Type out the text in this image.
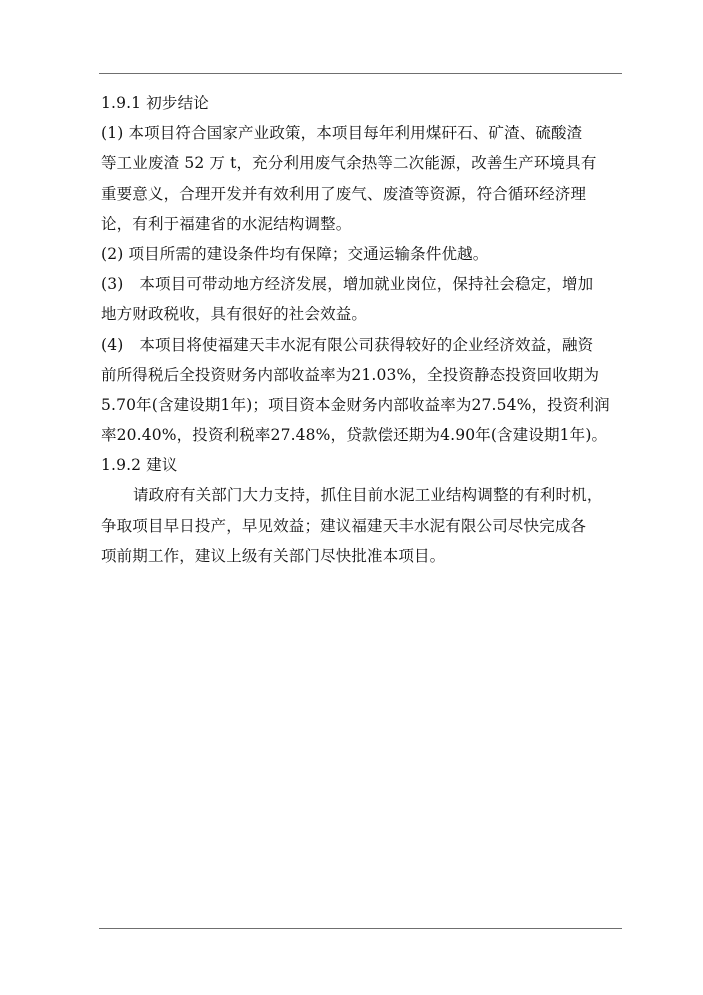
1.9.1 初步结论
(1) 本项目符合国家产业政策，本项目每年利用煤矸石、矿渣、硫酸渣
等工业废渣 52 万 t，充分利用废气余热等二次能源，改善生产环境具有
重要意义，合理开发并有效利用了废气、废渣等资源，符合循环经济理
论，有利于福建省的水泥结构调整。
(2) 项目所需的建设条件均有保障；交通运输条件优越。
(3) 本项目可带动地方经济发展，增加就业岗位，保持社会稳定，增加
地方财政税收，具有很好的社会效益。
(4) 本项目将使福建天丰水泥有限公司获得较好的企业经济效益，融资
前所得税后全投资财务内部收益率为21.03%，全投资静态投资回收期为
5.70年(含建设期1年)；项目资本金财务内部收益率为27.54%，投资利润
率20.40%，投资利税率27.48%，贷款偿还期为4.90年(含建设期1年)。
1.9.2 建议
请政府有关部门大力支持，抓住目前水泥工业结构调整的有利时机，
争取项目早日投产，早见效益；建议福建天丰水泥有限公司尽快完成各
项前期工作，建议上级有关部门尽快批准本项目。
